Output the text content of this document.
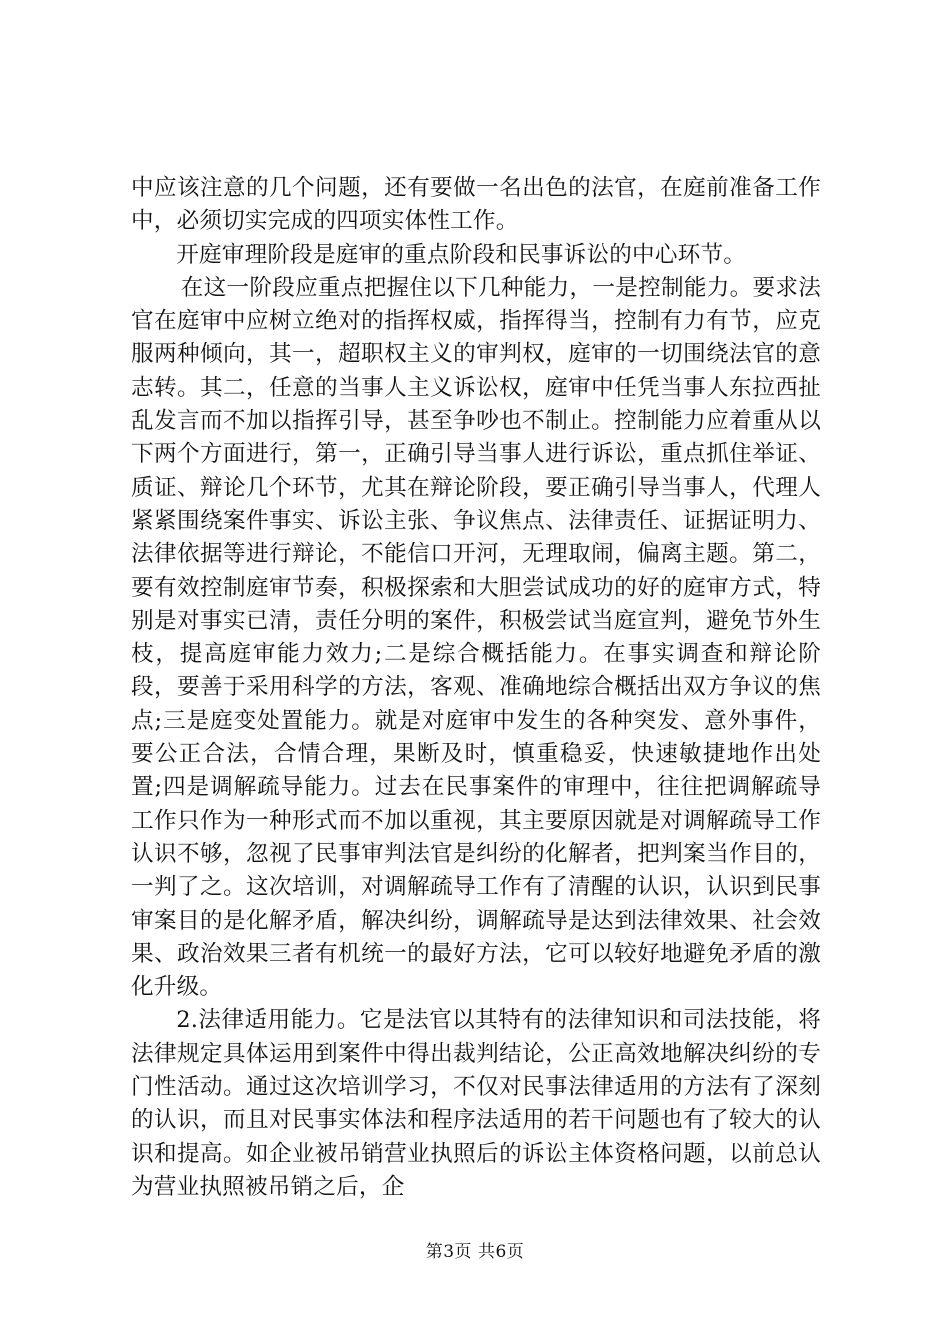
中应该注意的几个问题，还有要做一名出色的法官，在庭前准备工作中，必须切实完成的四项实体性工作。

开庭审理阶段是庭审的重点阶段和民事诉讼的中心环节。

在这一阶段应重点把握住以下几种能力，一是控制能力。要求法官在庭审中应树立绝对的指挥权威，指挥得当，控制有力有节，应克服两种倾向，其一，超职权主义的审判权，庭审的一切围绕法官的意志转。其二，任意的当事人主义诉讼权，庭审中任凭当事人东拉西扯乱发言而不加以指挥引导，甚至争吵也不制止。控制能力应着重从以下两个方面进行，第一，正确引导当事人进行诉讼，重点抓住举证、质证、辩论几个环节，尤其在辩论阶段，要正确引导当事人，代理人紧紧围绕案件事实、诉讼主张、争议焦点、法律责任、证据证明力、法律依据等进行辩论，不能信口开河，无理取闹，偏离主题。第二，要有效控制庭审节奏，积极探索和大胆尝试成功的好的庭审方式，特别是对事实已清，责任分明的案件，积极尝试当庭宣判，避免节外生枝，提高庭审能力效力;二是综合概括能力。在事实调查和辩论阶段，要善于采用科学的方法，客观、准确地综合概括出双方争议的焦点;三是庭变处置能力。就是对庭审中发生的各种突发、意外事件，要公正合法，合情合理，果断及时，慎重稳妥，快速敏捷地作出处置;四是调解疏导能力。过去在民事案件的审理中，往往把调解疏导工作只作为一种形式而不加以重视，其主要原因就是对调解疏导工作认识不够，忽视了民事审判法官是纠纷的化解者，把判案当作目的，一判了之。这次培训，对调解疏导工作有了清醒的认识，认识到民事审案目的是化解矛盾，解决纠纷，调解疏导是达到法律效果、社会效果、政治效果三者有机统一的最好方法，它可以较好地避免矛盾的激化升级。

2.法律适用能力。它是法官以其特有的法律知识和司法技能，将法律规定具体运用到案件中得出裁判结论，公正高效地解决纠纷的专门性活动。通过这次培训学习，不仅对民事法律适用的方法有了深刻的认识，而且对民事实体法和程序法适用的若干问题也有了较大的认识和提高。如企业被吊销营业执照后的诉讼主体资格问题，以前总认为营业执照被吊销之后，企

第3页 共6页
